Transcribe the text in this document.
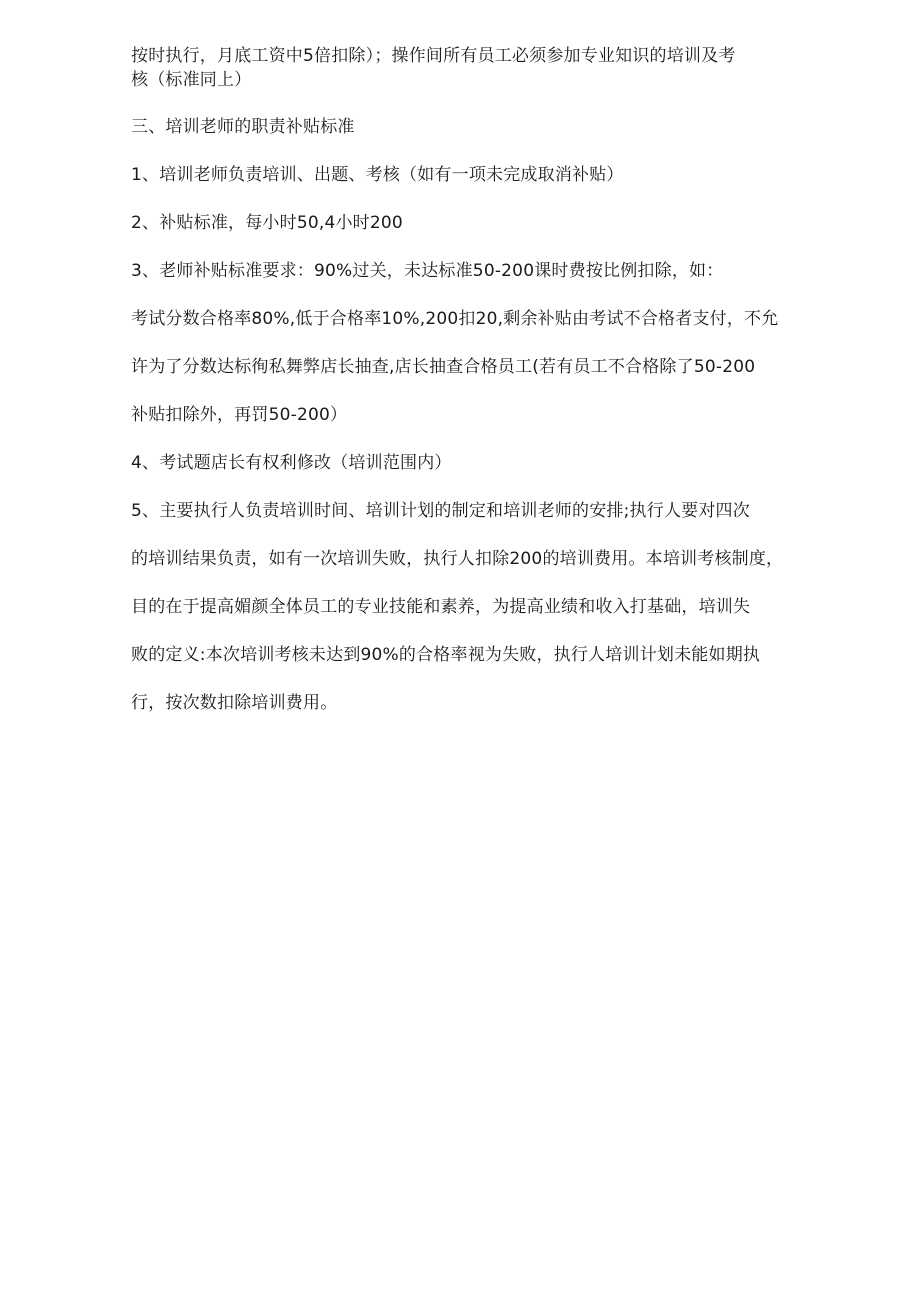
按时执行，月底工资中5倍扣除）；操作间所有员工必须参加专业知识的培训及考
核（标准同上）
三、培训老师的职责补贴标准
1、培训老师负责培训、出题、考核（如有一项未完成取消补贴）
2、补贴标准，每小时50,4小时200
3、老师补贴标准要求：90%过关，未达标准50-200课时费按比例扣除，如：
考试分数合格率80%,低于合格率10%,200扣20,剩余补贴由考试不合格者支付，不允
许为了分数达标徇私舞弊店长抽查,店长抽查合格员工(若有员工不合格除了50-200
补贴扣除外，再罚50-200）
4、考试题店长有权利修改（培训范围内）
5、主要执行人负责培训时间、培训计划的制定和培训老师的安排;执行人要对四次
的培训结果负责，如有一次培训失败，执行人扣除200的培训费用。本培训考核制度，
目的在于提高媚颜全体员工的专业技能和素养，为提高业绩和收入打基础，培训失
败的定义:本次培训考核未达到90%的合格率视为失败，执行人培训计划未能如期执
行，按次数扣除培训费用。
